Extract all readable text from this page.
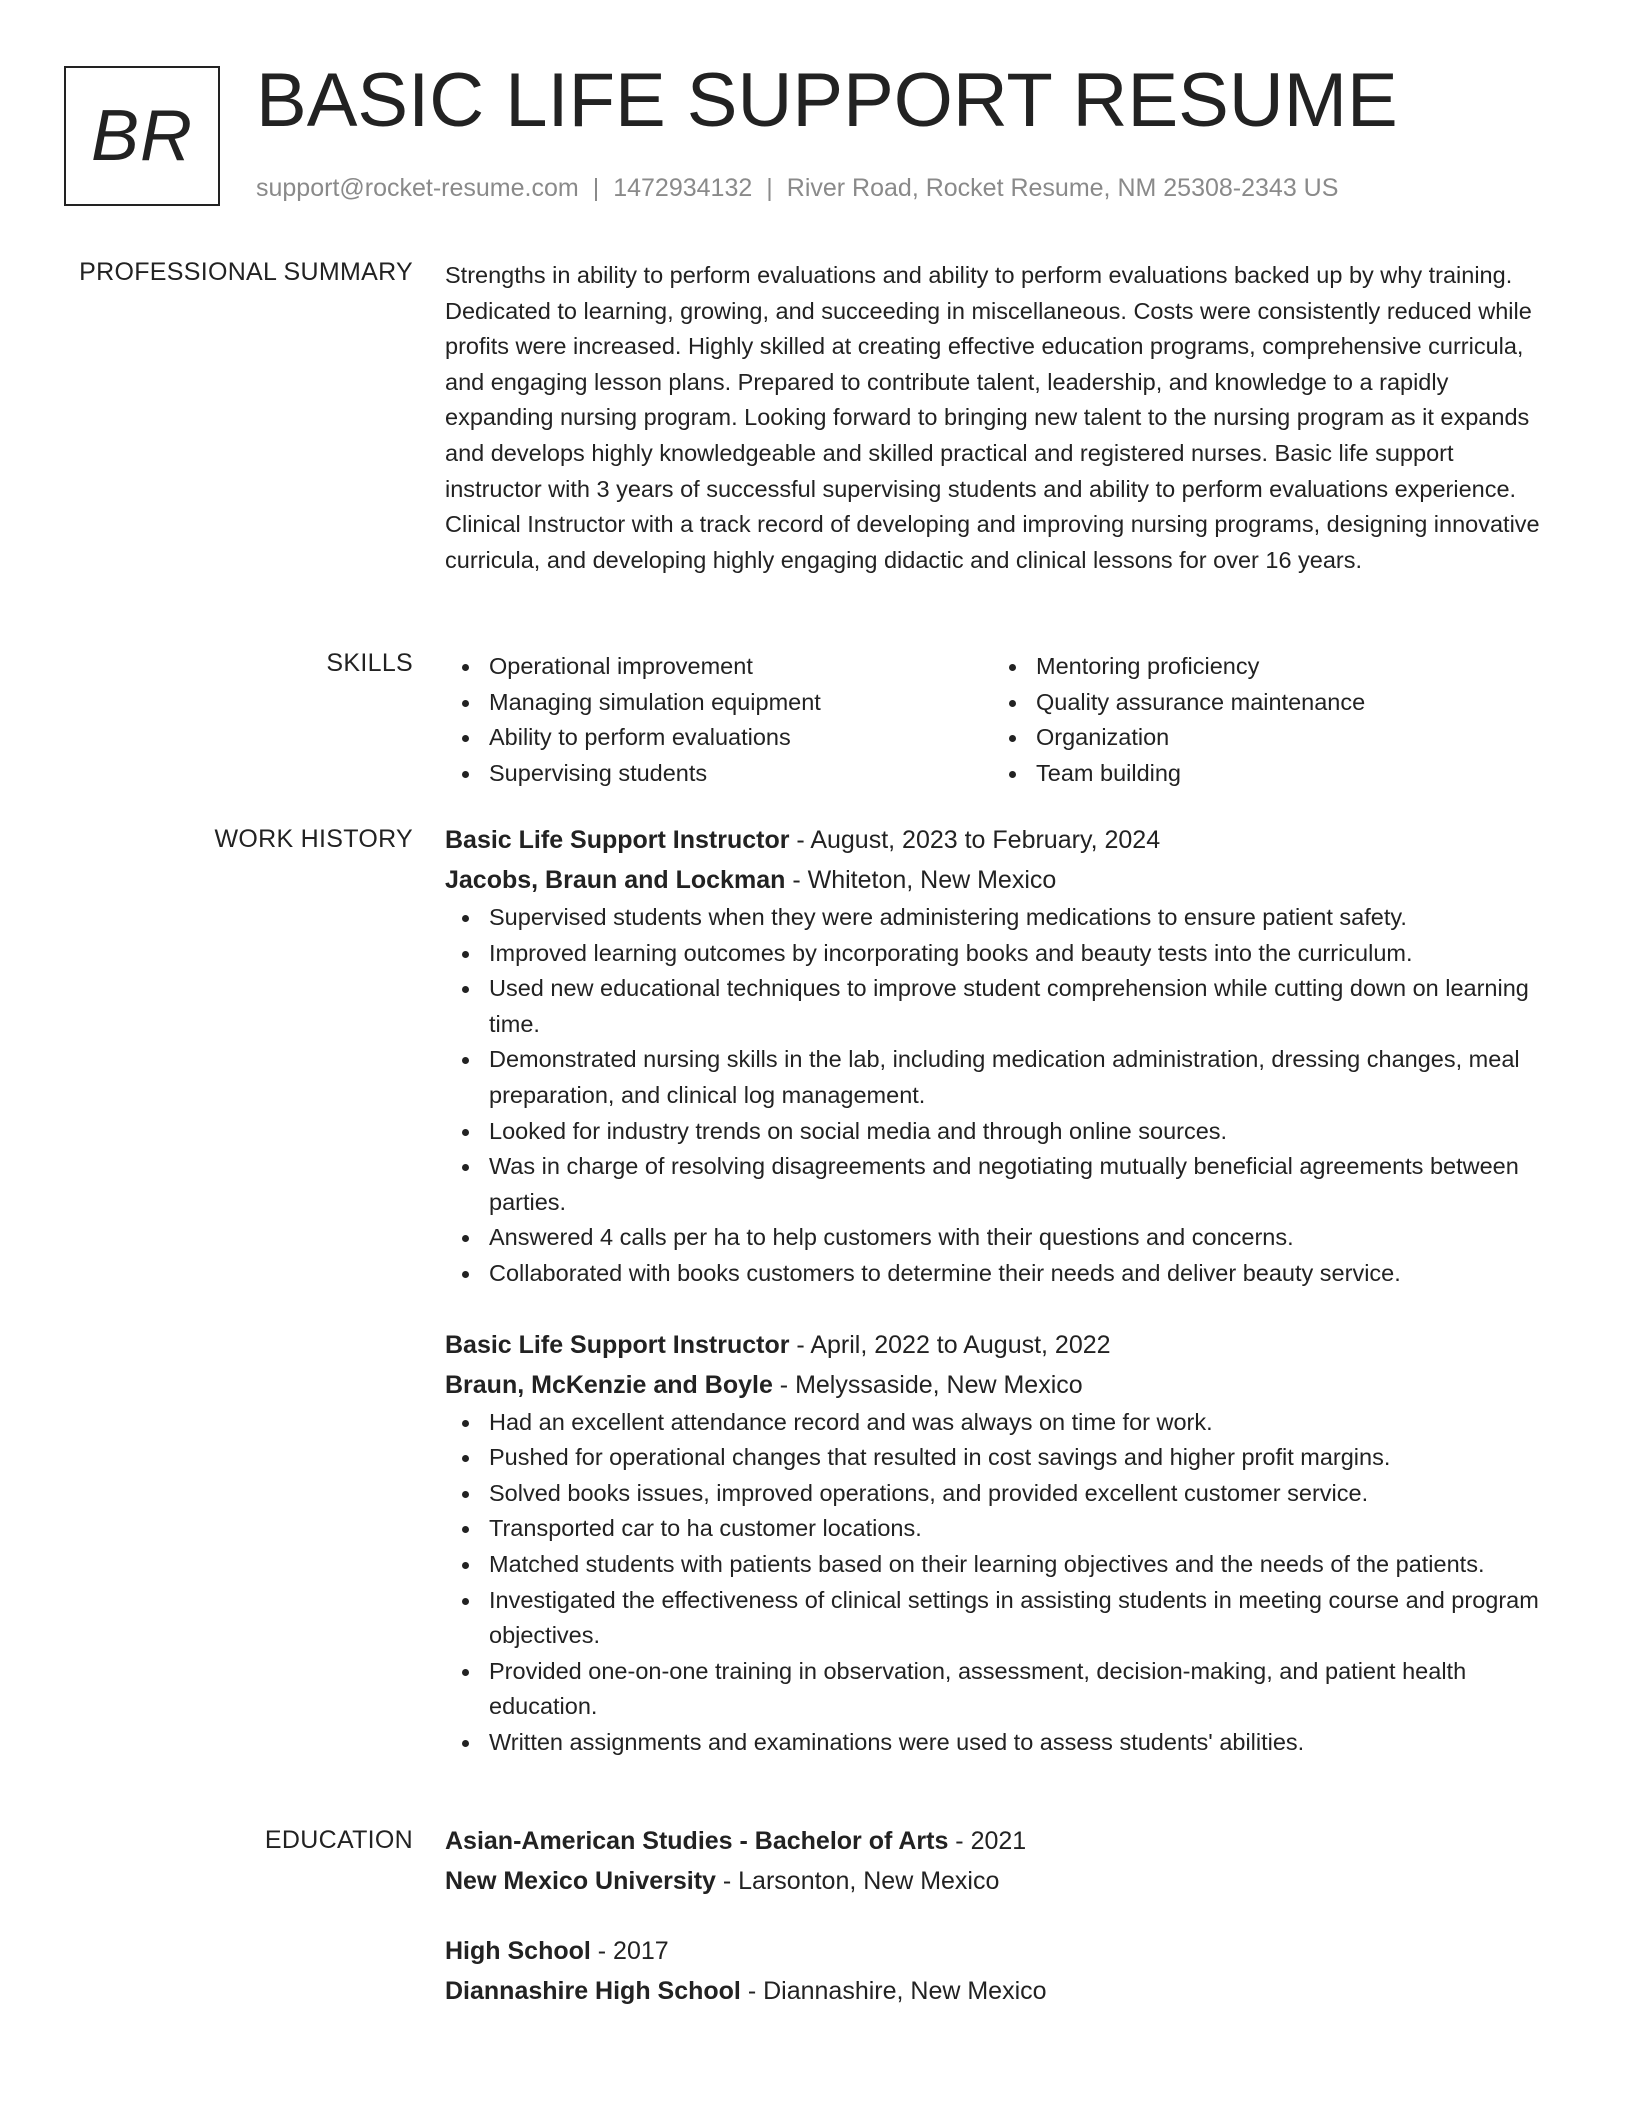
BR BASIC LIFE SUPPORT RESUME
support@rocket-resume.com | 1472934132 | River Road, Rocket Resume, NM 25308-2343 US
PROFESSIONAL SUMMARY Strengths in ability to perform evaluations and ability to perform evaluations backed up by why training. Dedicated to learning, growing, and succeeding in miscellaneous. Costs were consistently reduced while profits were increased. Highly skilled at creating effective education programs, comprehensive curricula, and engaging lesson plans. Prepared to contribute talent, leadership, and knowledge to a rapidly expanding nursing program. Looking forward to bringing new talent to the nursing program as it expands and develops highly knowledgeable and skilled practical and registered nurses. Basic life support instructor with 3 years of successful supervising students and ability to perform evaluations experience. Clinical Instructor with a track record of developing and improving nursing programs, designing innovative curricula, and developing highly engaging didactic and clinical lessons for over 16 years.

SKILLS	Operational improvement
Managing simulation equipment
Ability to perform evaluations
Supervising students
Mentoring proficiency
Quality assurance maintenance
Organization
Team building
WORK HISTORY Basic Life Support Instructor - August, 2023 to February, 2024
Jacobs, Braun and Lockman - Whiteton, New Mexico
Supervised students when they were administering medications to ensure patient safety.
Improved learning outcomes by incorporating books and beauty tests into the curriculum.
Used new educational techniques to improve student comprehension while cutting down on learning time.
Demonstrated nursing skills in the lab, including medication administration, dressing changes, meal preparation, and clinical log management.
Looked for industry trends on social media and through online sources.
Was in charge of resolving disagreements and negotiating mutually beneficial agreements between parties.
Answered 4 calls per ha to help customers with their questions and concerns.
Collaborated with books customers to determine their needs and deliver beauty service.
Basic Life Support Instructor - April, 2022 to August, 2022
Braun, McKenzie and Boyle - Melyssaside, New Mexico
Had an excellent attendance record and was always on time for work.
Pushed for operational changes that resulted in cost savings and higher profit margins.
Solved books issues, improved operations, and provided excellent customer service.
Transported car to ha customer locations.
Matched students with patients based on their learning objectives and the needs of the patients.
Investigated the effectiveness of clinical settings in assisting students in meeting course and program objectives.
Provided one-on-one training in observation, assessment, decision-making, and patient health education.
Written assignments and examinations were used to assess students' abilities.
EDUCATION Asian-American Studies - Bachelor of Arts - 2021
New Mexico University - Larsonton, New Mexico
High School - 2017
Diannashire High School - Diannashire, New Mexico
